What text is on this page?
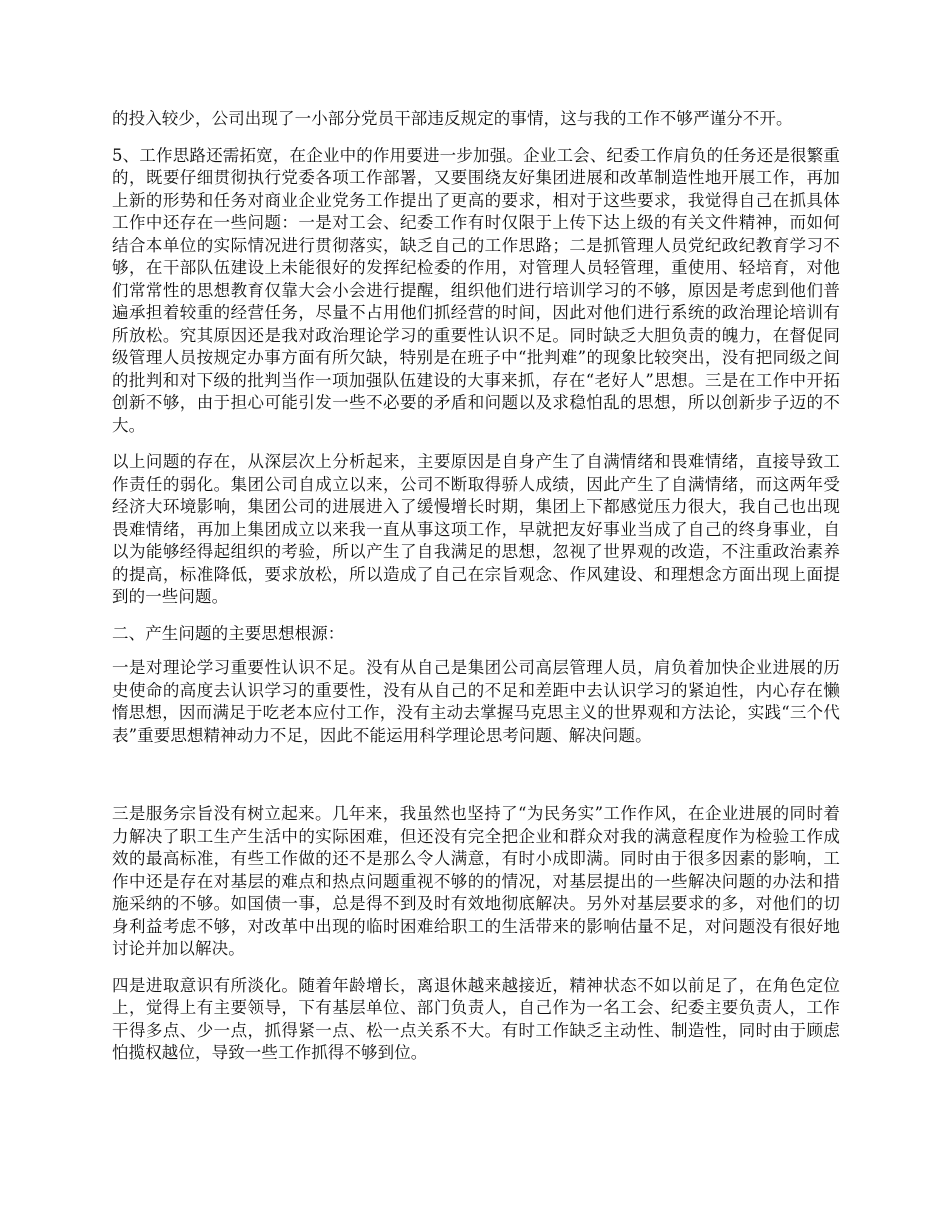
的投入较少，公司出现了一小部分党员干部违反规定的事情，这与我的工作不够严谨分不开。

5、工作思路还需拓宽，在企业中的作用要进一步加强。企业工会、纪委工作肩负的任务还是很繁重的，既要仔细贯彻执行党委各项工作部署，又要围绕友好集团进展和改革制造性地开展工作，再加上新的形势和任务对商业企业党务工作提出了更高的要求，相对于这些要求，我觉得自己在抓具体工作中还存在一些问题：一是对工会、纪委工作有时仅限于上传下达上级的有关文件精神，而如何结合本单位的实际情况进行贯彻落实，缺乏自己的工作思路；二是抓管理人员党纪政纪教育学习不够，在干部队伍建设上未能很好的发挥纪检委的作用，对管理人员轻管理，重使用、轻培育，对他们常常性的思想教育仅靠大会小会进行提醒，组织他们进行培训学习的不够，原因是考虑到他们普遍承担着较重的经营任务，尽量不占用他们抓经营的时间，因此对他们进行系统的政治理论培训有所放松。究其原因还是我对政治理论学习的重要性认识不足。同时缺乏大胆负责的魄力，在督促同级管理人员按规定办事方面有所欠缺，特别是在班子中“批判难”的现象比较突出，没有把同级之间的批判和对下级的批判当作一项加强队伍建设的大事来抓，存在“老好人”思想。三是在工作中开拓创新不够，由于担心可能引发一些不必要的矛盾和问题以及求稳怕乱的思想，所以创新步子迈的不大。

以上问题的存在，从深层次上分析起来，主要原因是自身产生了自满情绪和畏难情绪，直接导致工作责任的弱化。集团公司自成立以来，公司不断取得骄人成绩，因此产生了自满情绪，而这两年受经济大环境影响，集团公司的进展进入了缓慢增长时期，集团上下都感觉压力很大，我自己也出现畏难情绪，再加上集团成立以来我一直从事这项工作，早就把友好事业当成了自己的终身事业，自以为能够经得起组织的考验，所以产生了自我满足的思想，忽视了世界观的改造，不注重政治素养的提高，标准降低，要求放松，所以造成了自己在宗旨观念、作风建设、和理想念方面出现上面提到的一些问题。

二、产生问题的主要思想根源：

一是对理论学习重要性认识不足。没有从自己是集团公司高层管理人员，肩负着加快企业进展的历史使命的高度去认识学习的重要性，没有从自己的不足和差距中去认识学习的紧迫性，内心存在懒惰思想，因而满足于吃老本应付工作，没有主动去掌握马克思主义的世界观和方法论，实践“三个代表”重要思想精神动力不足，因此不能运用科学理论思考问题、解决问题。

三是服务宗旨没有树立起来。几年来，我虽然也坚持了“为民务实”工作作风，在企业进展的同时着力解决了职工生产生活中的实际困难，但还没有完全把企业和群众对我的满意程度作为检验工作成效的最高标准，有些工作做的还不是那么令人满意，有时小成即满。同时由于很多因素的影响，工作中还是存在对基层的难点和热点问题重视不够的的情况，对基层提出的一些解决问题的办法和措施采纳的不够。如国债一事，总是得不到及时有效地彻底解决。另外对基层要求的多，对他们的切身利益考虑不够，对改革中出现的临时困难给职工的生活带来的影响估量不足，对问题没有很好地讨论并加以解决。

四是进取意识有所淡化。随着年龄增长，离退休越来越接近，精神状态不如以前足了，在角色定位上，觉得上有主要领导，下有基层单位、部门负责人，自己作为一名工会、纪委主要负责人，工作干得多点、少一点，抓得紧一点、松一点关系不大。有时工作缺乏主动性、制造性，同时由于顾虑怕揽权越位，导致一些工作抓得不够到位。
